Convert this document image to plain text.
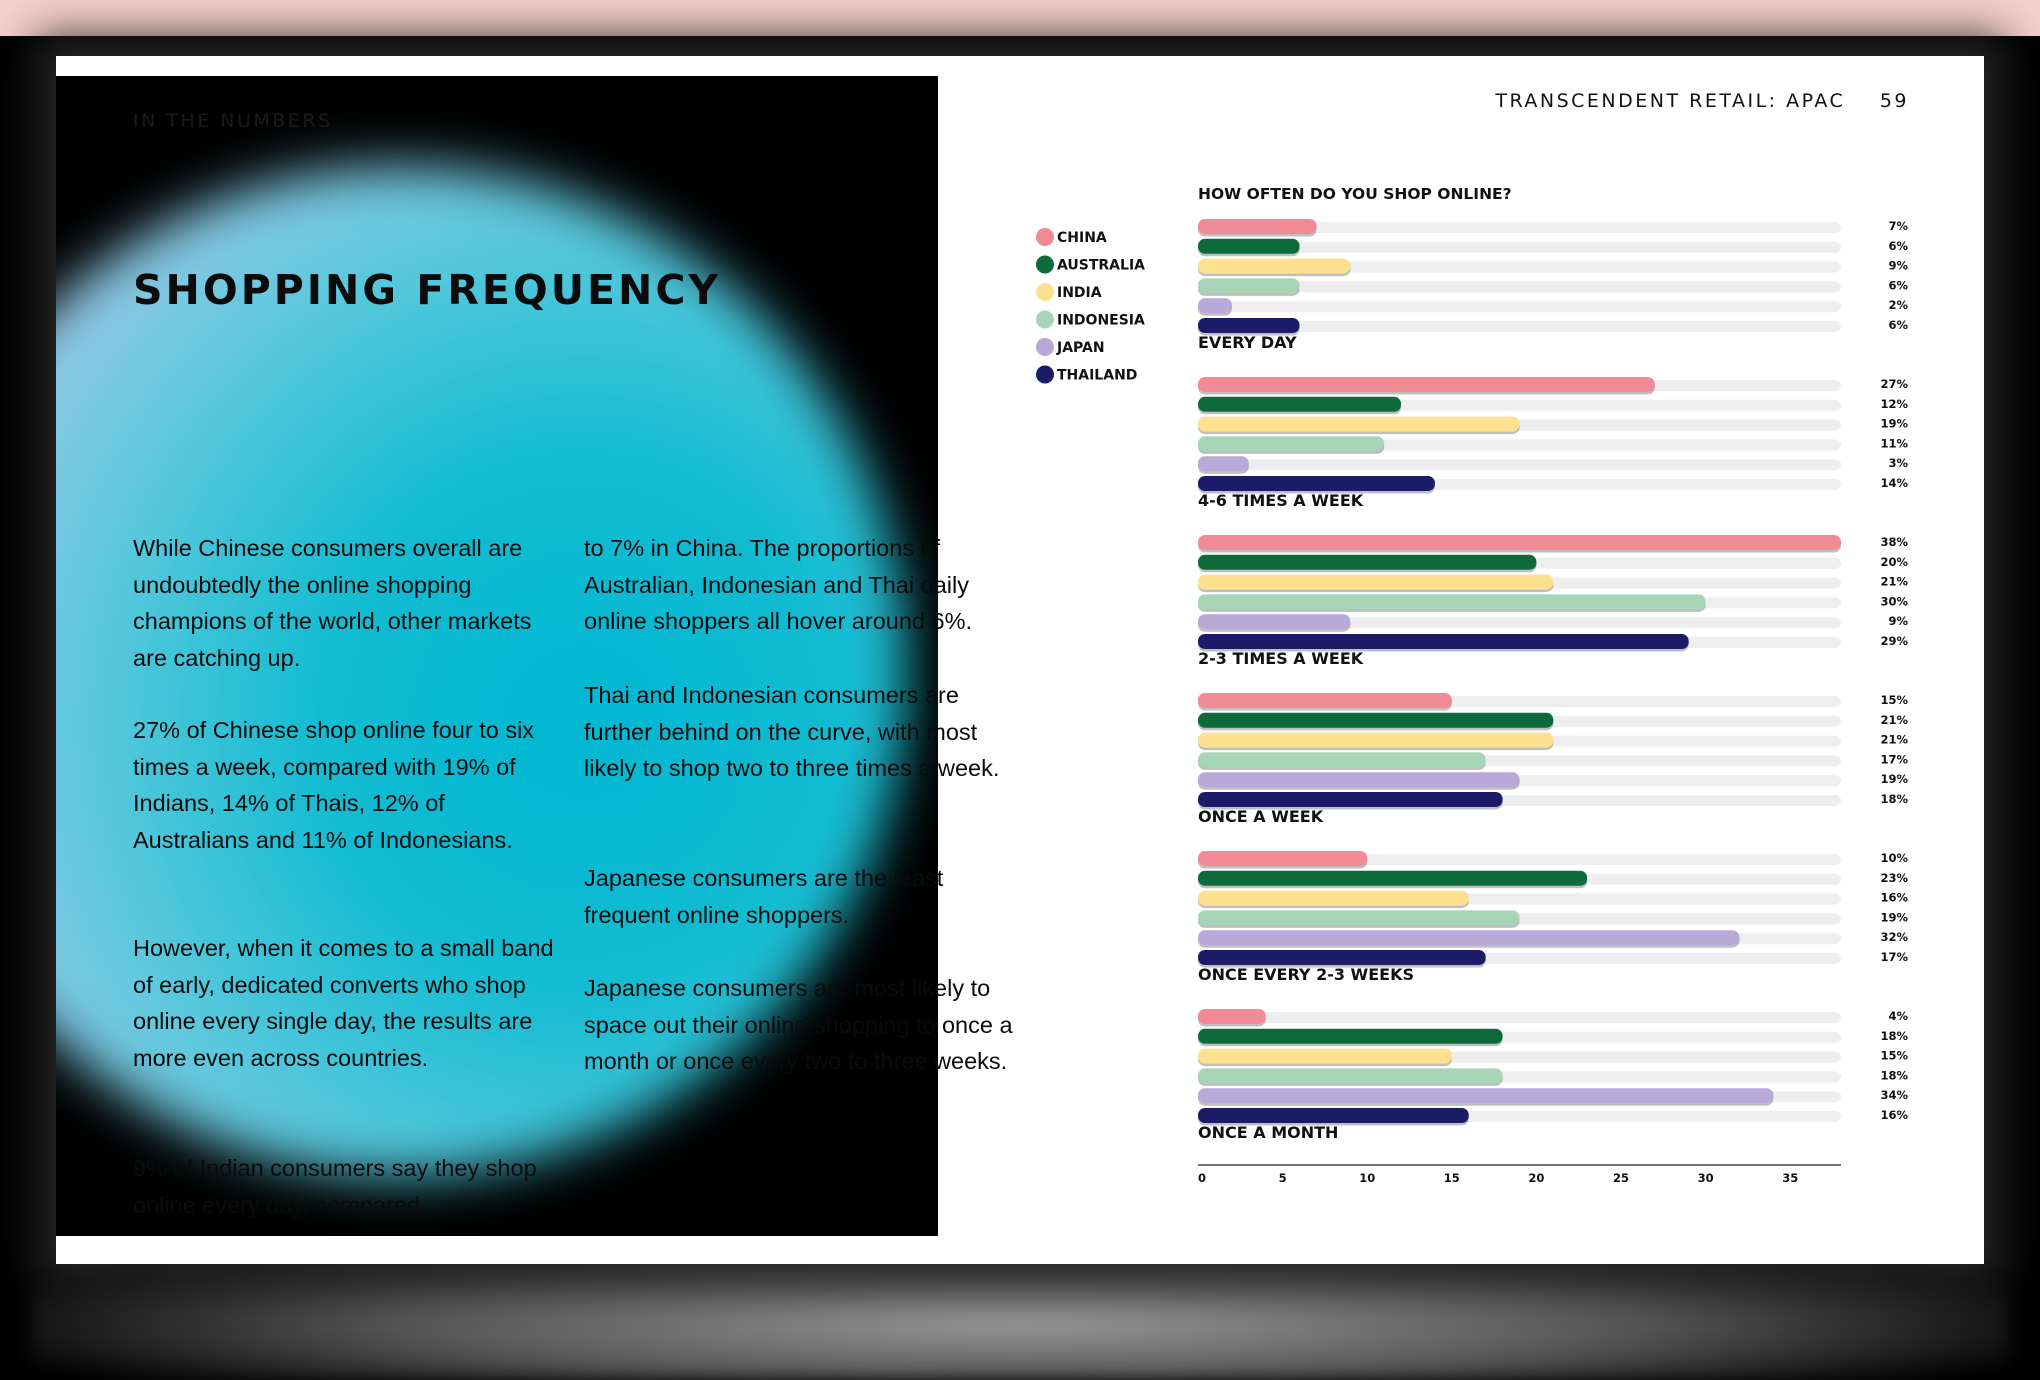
IN THE NUMBERS
SHOPPING FREQUENCY
TRANSCENDENT RETAIL: APAC 59

While Chinese consumers overall are undoubtedly the online shopping champions of the world, other markets are catching up.

27% of Chinese shop online four to six times a week, compared with 19% of Indians, 14% of Thais, 12% of Australians and 11% of Indonesians.

However, when it comes to a small band of early, dedicated converts who shop online every single day, the results are more even across countries.

9% of Indian consumers say they shop online every day, compared

to 7% in China. The proportions of Australian, Indonesian and Thai daily online shoppers all hover around 6%.

Thai and Indonesian consumers are further behind on the curve, with most likely to shop two to three times a week.

Japanese consumers are the least frequent online shoppers.

Japanese consumers are most likely to space out their online shopping to once a month or once every two to three weeks.

HOW OFTEN DO YOU SHOP ONLINE?
CHINA
AUSTRALIA
INDIA
INDONESIA
JAPAN
THAILAND
7%
6%
9%
6%
2%
6%
EVERY DAY
27%
12%
19%
11%
3%
14%
4-6 TIMES A WEEK
38%
20%
21%
30%
9%
29%
2-3 TIMES A WEEK
15%
21%
21%
17%
19%
18%
ONCE A WEEK
10%
23%
16%
19%
32%
17%
ONCE EVERY 2-3 WEEKS
4%
18%
15%
18%
34%
16%
ONCE A MONTH
0	5	10	15	20	25	30	35
